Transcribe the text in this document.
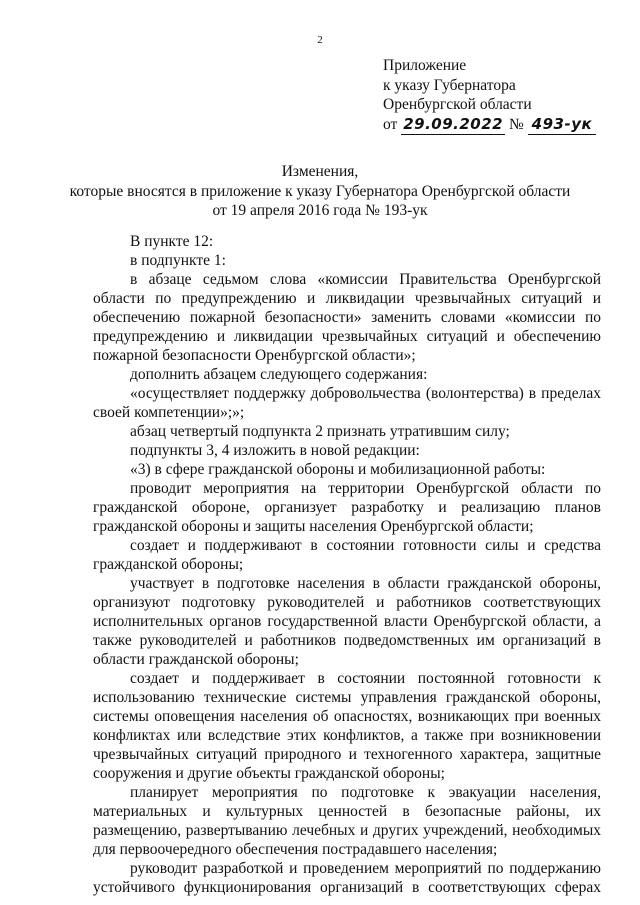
2
Приложение
к указу Губернатора
Оренбургской области
от 29.09.2022 № 493-ук
Изменения,
которые вносятся в приложение к указу Губернатора Оренбургской области
от 19 апреля 2016 года № 193-ук

В пункте 12:

в подпункте 1:

в абзаце седьмом слова «комиссии Правительства Оренбургской области по предупреждению и ликвидации чрезвычайных ситуаций и обеспечению пожарной безопасности» заменить словами «комиссии по предупреждению и ликвидации чрезвычайных ситуаций и обеспечению пожарной безопасности Оренбургской области»;

дополнить абзацем следующего содержания:

«осуществляет поддержку добровольчества (волонтерства) в пределах своей компетенции»;»;

абзац четвертый подпункта 2 признать утратившим силу;

подпункты 3, 4 изложить в новой редакции:

«3) в сфере гражданской обороны и мобилизационной работы:

проводит мероприятия на территории Оренбургской области по гражданской обороне, организует разработку и реализацию планов гражданской обороны и защиты населения Оренбургской области;

создает и поддерживают в состоянии готовности силы и средства гражданской обороны;

участвует в подготовке населения в области гражданской обороны, организуют подготовку руководителей и работников соответствующих исполнительных органов государственной власти Оренбургской области, а также руководителей и работников подведомственных им организаций в области гражданской обороны;

создает и поддерживает в состоянии постоянной готовности к использованию технические системы управления гражданской обороны, системы оповещения населения об опасностях, возникающих при военных конфликтах или вследствие этих конфликтов, а также при возникновении чрезвычайных ситуаций природного и техногенного характера, защитные сооружения и другие объекты гражданской обороны;

планирует мероприятия по подготовке к эвакуации населения, материальных и культурных ценностей в безопасные районы, их размещению, развертыванию лечебных и других учреждений, необходимых для первоочередного обеспечения пострадавшего населения;

руководит разработкой и проведением мероприятий по поддержанию устойчивого функционирования организаций в соответствующих сферах
